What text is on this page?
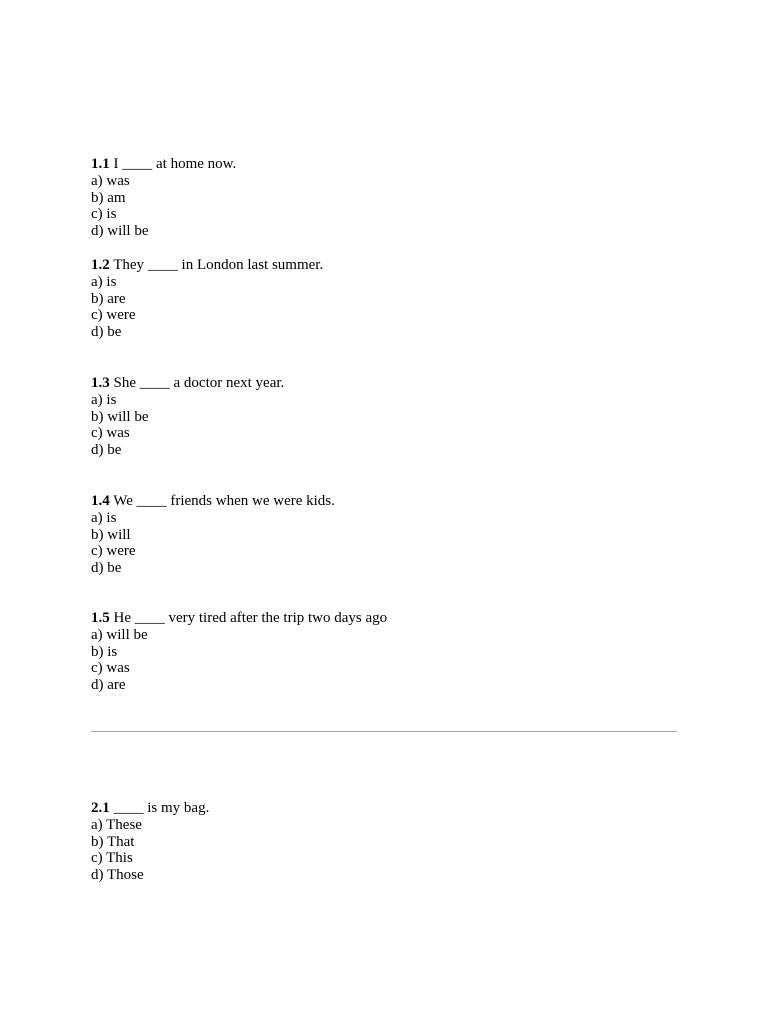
1.1 I ____ at home now.
a) was
b) am
c) is
d) will be
1.2 They ____ in London last summer.
a) is
b) are
c) were
d) be
1.3 She ____ a doctor next year.
a) is
b) will be
c) was
d) be
1.4 We ____ friends when we were kids.
a) is
b) will
c) were
d) be
1.5 He ____ very tired after the trip two days ago
a) will be
b) is
c) was
d) are
2.1 ____ is my bag.
a) These
b) That
c) This
d) Those
